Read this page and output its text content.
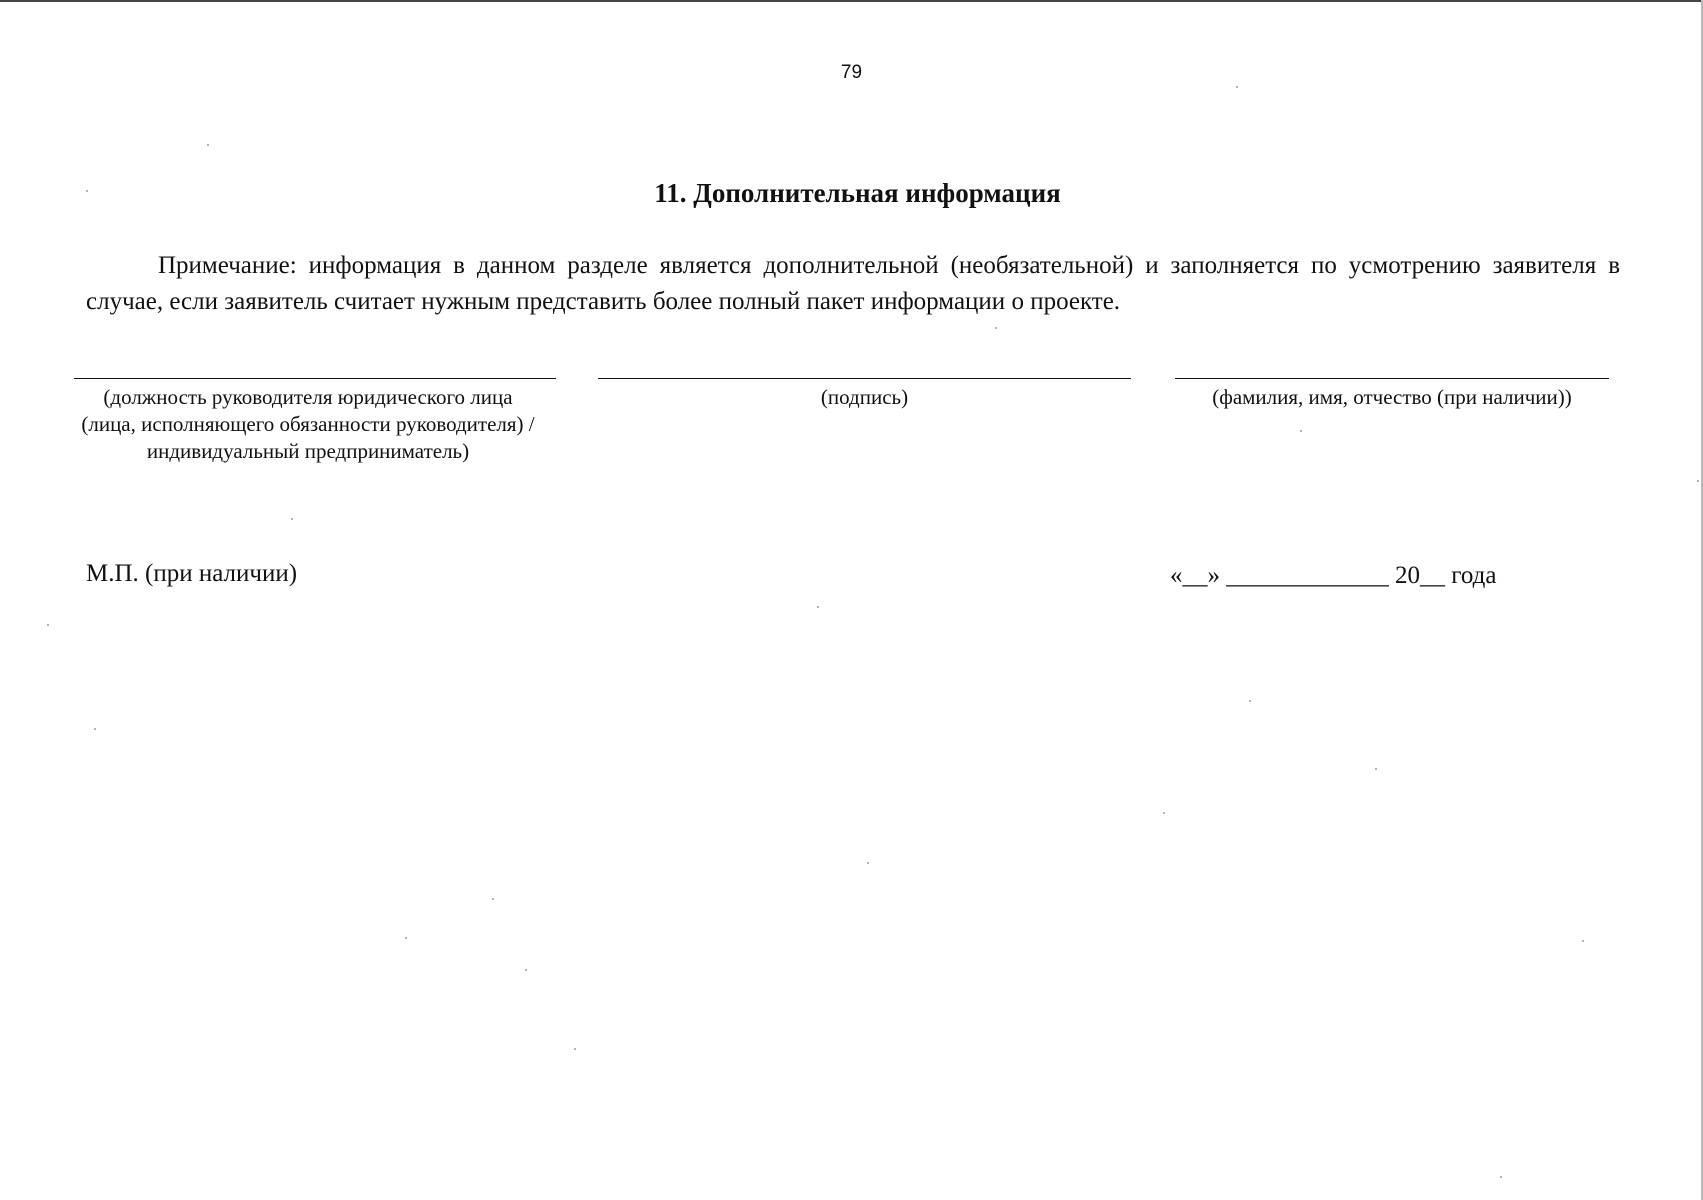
79
11. Дополнительная информация
Примечание: информация в данном разделе является дополнительной (необязательной) и заполняется по усмотрению заявителя в случае, если заявитель считает нужным представить более полный пакет информации о проекте.
(должность руководителя юридического лица (лица, исполняющего обязанности руководителя) / индивидуальный предприниматель)
(подпись)	(фамилия, имя, отчество (при наличии))
М.П. (при наличии)	«__» _____________ 20__ года
